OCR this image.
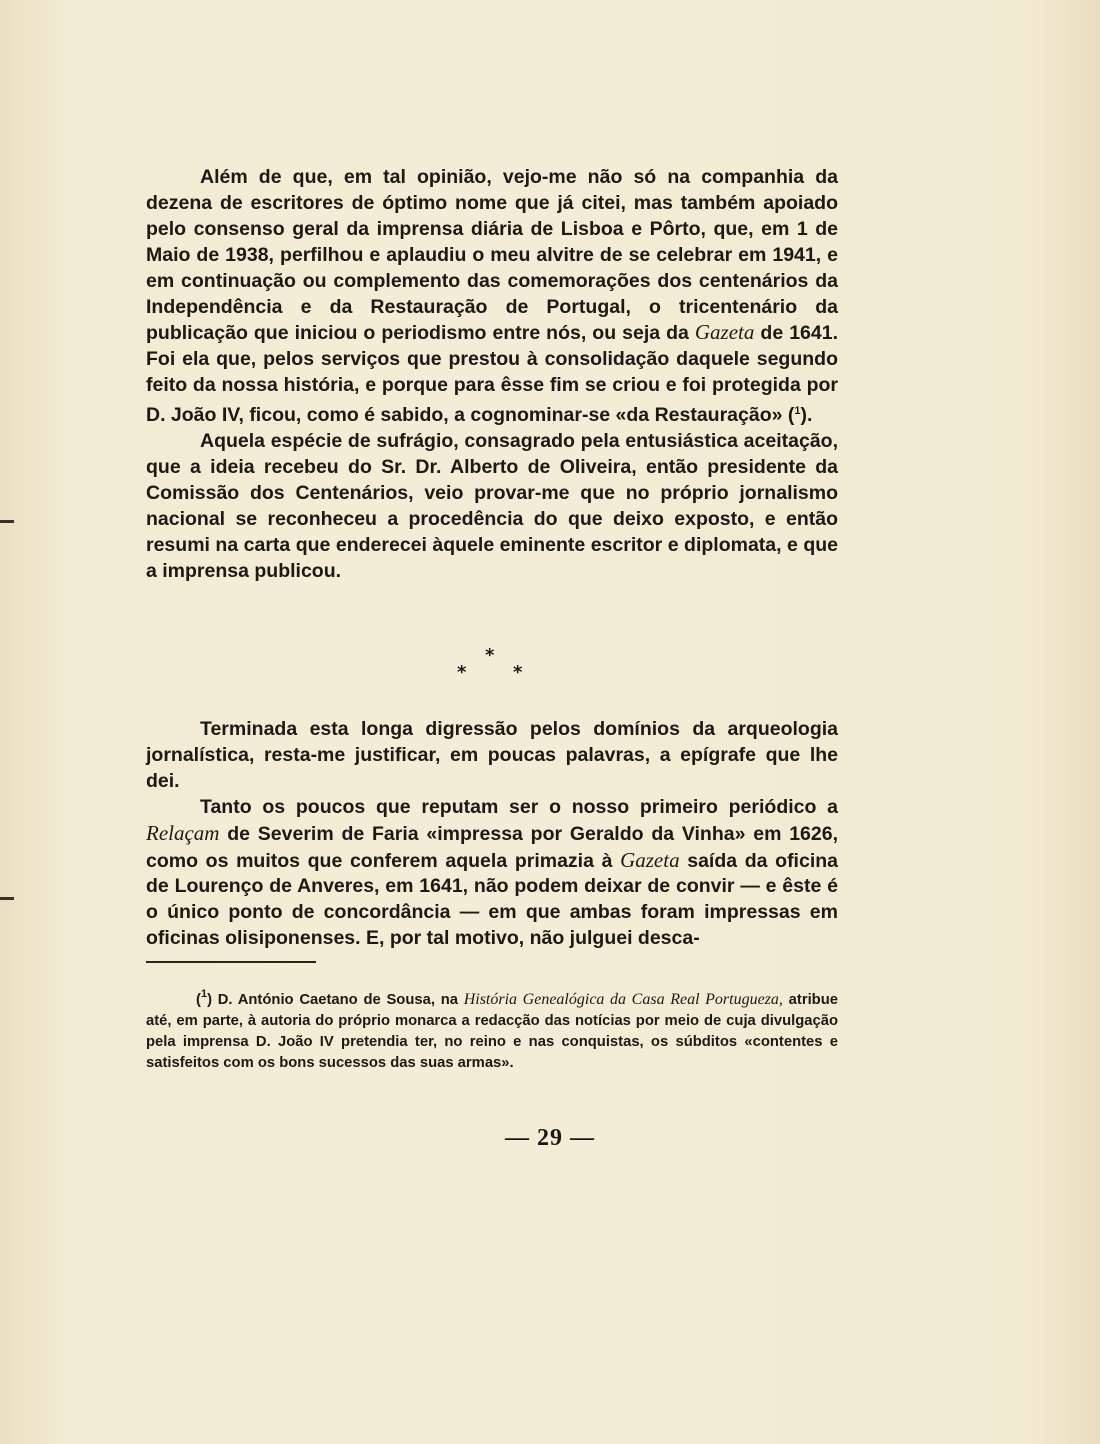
Além de que, em tal opinião, vejo-me não só na companhia da dezena de escritores de óptimo nome que já citei, mas também apoiado pelo consenso geral da imprensa diária de Lisboa e Pôrto, que, em 1 de Maio de 1938, perfilhou e aplaudiu o meu alvitre de se celebrar em 1941, e em continuação ou complemento das comemorações dos centenários da Independência e da Restauração de Portugal, o tricentenário da publicação que iniciou o periodismo entre nós, ou seja da Gazeta de 1641. Foi ela que, pelos serviços que prestou à consolidação daquele segundo feito da nossa história, e porque para êsse fim se criou e foi protegida por D. João IV, ficou, como é sabido, a cognominar-se «da Restauração» ($^1$).

Aquela espécie de sufrágio, consagrado pela entusiástica aceitação, que a ideia recebeu do Sr. Dr. Alberto de Oliveira, então presidente da Comissão dos Centenários, veio provar-me que no próprio jornalismo nacional se reconheceu a procedência do que deixo exposto, e então resumi na carta que enderecei àquele eminente escritor e diplomata, e que a imprensa publicou.

*
*	*

Terminada esta longa digressão pelos domínios da arqueologia jornalística, resta-me justificar, em poucas palavras, a epígrafe que lhe dei.

Tanto os poucos que reputam ser o nosso primeiro periódico a Relaçam de Severim de Faria «impressa por Geraldo da Vinha» em 1626, como os muitos que conferem aquela primazia à Gazeta saída da oficina de Lourenço de Anveres, em 1641, não podem deixar de convir — e êste é o único ponto de concordância — em que ambas foram impressas em oficinas olisiponenses. E, por tal motivo, não julguei desca-

($^1$) D. António Caetano de Sousa, na História Genealógica da Casa Real Portugueza, atribue até, em parte, à autoria do próprio monarca a redacção das notícias por meio de cuja divulgação pela imprensa D. João IV pretendia ter, no reino e nas conquistas, os súbditos «contentes e satisfeitos com os bons sucessos das suas armas».

— 29 —
